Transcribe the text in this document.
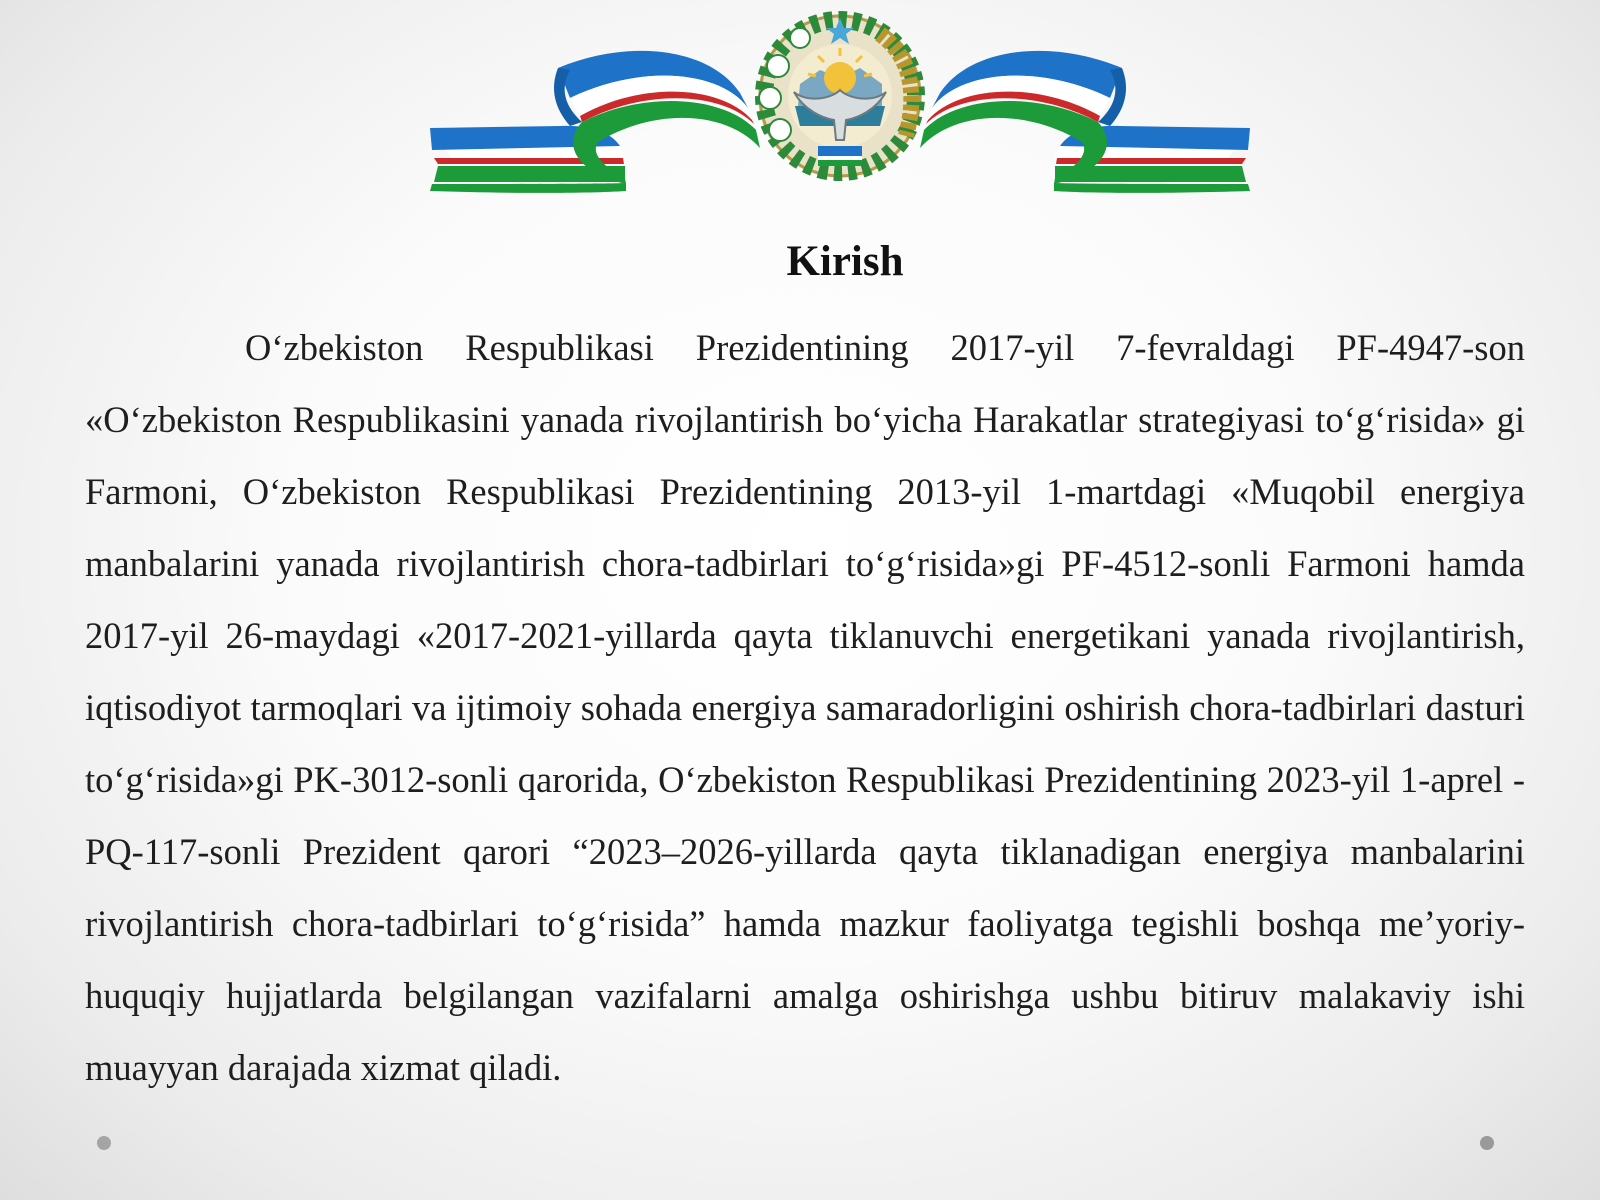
Kirish

O‘zbekiston Respublikasi Prezidentining 2017-yil 7-fevraldagi PF-4947-son «O‘zbekiston Respublikasini yanada rivojlantirish bo‘yicha Harakatlar strategiyasi to‘g‘risida» gi Farmoni, O‘zbekiston Respublikasi Prezidentining 2013-yil 1-martdagi «Muqobil energiya manbalarini yanada rivojlantirish chora-tadbirlari to‘g‘risida»gi PF-4512-sonli Farmoni hamda 2017-yil 26-maydagi «2017-2021-yillarda qayta tiklanuvchi energetikani yanada rivojlantirish, iqtisodiyot tarmoqlari va ijtimoiy sohada energiya samaradorligini oshirish chora-tadbirlari dasturi to‘g‘risida»gi PK-3012-sonli qarorida, O‘zbekiston Respublikasi Prezidentining 2023-yil 1-aprel - PQ-117-sonli Prezident qarori “2023–2026-yillarda qayta tiklanadigan energiya manbalarini rivojlantirish chora-tadbirlari to‘g‘risida” hamda mazkur faoliyatga tegishli boshqa me’yoriy-huquqiy hujjatlarda belgilangan vazifalarni amalga oshirishga ushbu bitiruv malakaviy ishi muayyan darajada xizmat qiladi.
